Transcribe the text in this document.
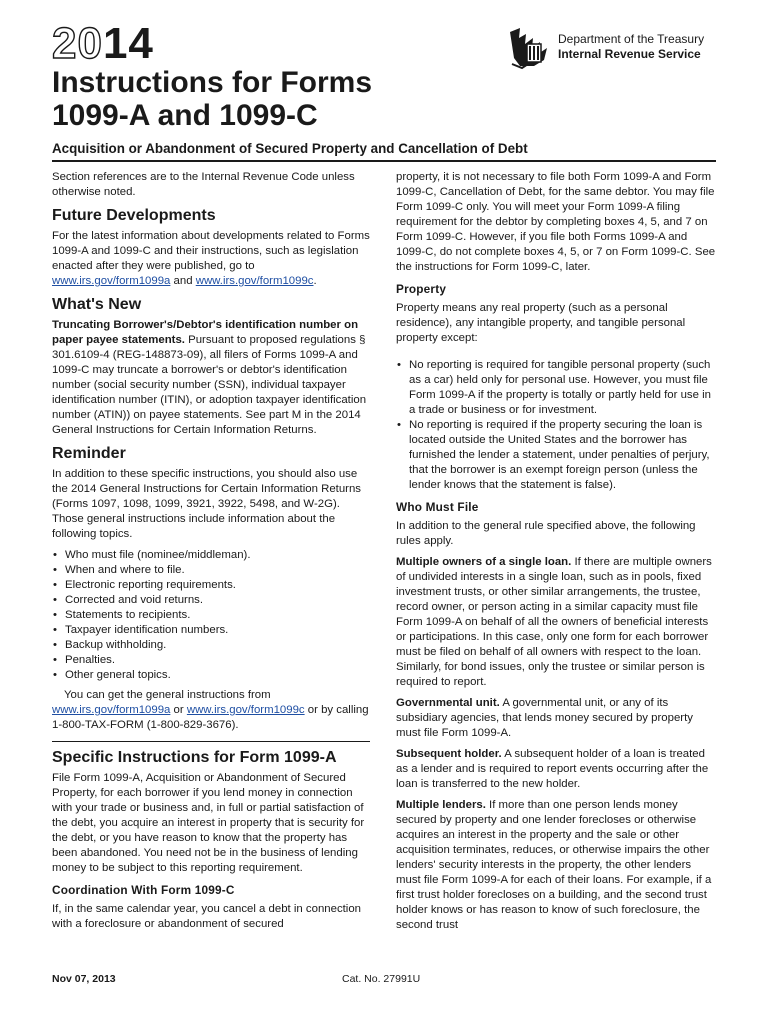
2014
Instructions for Forms
1099-A and 1099-C
Department of the Treasury
Internal Revenue Service
Acquisition or Abandonment of Secured Property and Cancellation of Debt

Section references are to the Internal Revenue Code unless otherwise noted.

Future Developments

For the latest information about developments related to Forms 1099-A and 1099-C and their instructions, such as legislation enacted after they were published, go to www.irs.gov/form1099a and www.irs.gov/form1099c.

What's New

Truncating Borrower's/Debtor's identification number on paper payee statements. Pursuant to proposed regulations § 301.6109-4 (REG-148873-09), all filers of Forms 1099-A and 1099-C may truncate a borrower's or debtor's identification number (social security number (SSN), individual taxpayer identification number (ITIN), or adoption taxpayer identification number (ATIN)) on payee statements. See part M in the 2014 General Instructions for Certain Information Returns.

Reminder

In addition to these specific instructions, you should also use the 2014 General Instructions for Certain Information Returns (Forms 1097, 1098, 1099, 3921, 3922, 5498, and W-2G). Those general instructions include information about the following topics.

• Who must file (nominee/middleman).
• When and where to file.
• Electronic reporting requirements.
• Corrected and void returns.
• Statements to recipients.
• Taxpayer identification numbers.
• Backup withholding.
• Penalties.
• Other general topics.

You can get the general instructions from www.irs.gov/form1099a or www.irs.gov/form1099c or by calling 1-800-TAX-FORM (1-800-829-3676).

Specific Instructions for Form 1099-A

File Form 1099-A, Acquisition or Abandonment of Secured Property, for each borrower if you lend money in connection with your trade or business and, in full or partial satisfaction of the debt, you acquire an interest in property that is security for the debt, or you have reason to know that the property has been abandoned. You need not be in the business of lending money to be subject to this reporting requirement.

Coordination With Form 1099-C

If, in the same calendar year, you cancel a debt in connection with a foreclosure or abandonment of secured

property, it is not necessary to file both Form 1099-A and Form 1099-C, Cancellation of Debt, for the same debtor. You may file Form 1099-C only. You will meet your Form 1099-A filing requirement for the debtor by completing boxes 4, 5, and 7 on Form 1099-C. However, if you file both Forms 1099-A and 1099-C, do not complete boxes 4, 5, or 7 on Form 1099-C. See the instructions for Form 1099-C, later.

Property

Property means any real property (such as a personal residence), any intangible property, and tangible personal property except:

• No reporting is required for tangible personal property (such as a car) held only for personal use. However, you must file Form 1099-A if the property is totally or partly held for use in a trade or business or for investment.
• No reporting is required if the property securing the loan is located outside the United States and the borrower has furnished the lender a statement, under penalties of perjury, that the borrower is an exempt foreign person (unless the lender knows that the statement is false).
Who Must File

In addition to the general rule specified above, the following rules apply.

Multiple owners of a single loan. If there are multiple owners of undivided interests in a single loan, such as in pools, fixed investment trusts, or other similar arrangements, the trustee, record owner, or person acting in a similar capacity must file Form 1099-A on behalf of all the owners of beneficial interests or participations. In this case, only one form for each borrower must be filed on behalf of all owners with respect to the loan. Similarly, for bond issues, only the trustee or similar person is required to report.

Governmental unit. A governmental unit, or any of its subsidiary agencies, that lends money secured by property must file Form 1099-A.

Subsequent holder. A subsequent holder of a loan is treated as a lender and is required to report events occurring after the loan is transferred to the new holder.

Multiple lenders. If more than one person lends money secured by property and one lender forecloses or otherwise acquires an interest in the property and the sale or other acquisition terminates, reduces, or otherwise impairs the other lenders' security interests in the property, the other lenders must file Form 1099-A for each of their loans. For example, if a first trust holder forecloses on a building, and the second trust holder knows or has reason to know of such foreclosure, the second trust

Nov 07, 2013	Cat. No. 27991U
